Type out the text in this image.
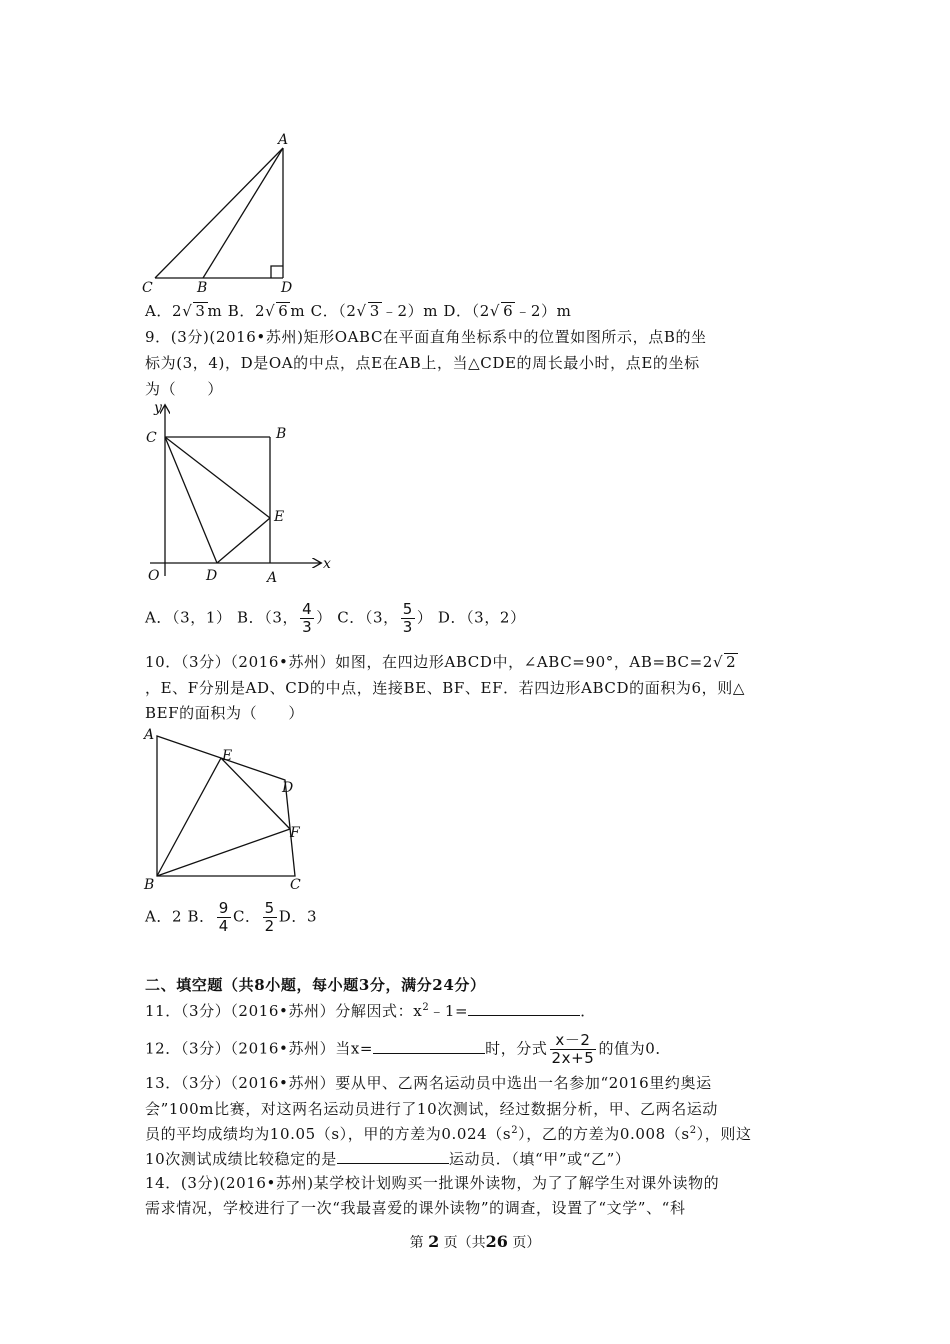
A
C	B	D
A．2√ 3 m B．2√ 6 m C．（2√ 3 ﹣2）m D．（2√ 6 ﹣2）m
9．(3分)(2016•苏州)矩形OABC在平面直角坐标系中的位置如图所示，点B的坐
标为(3，4)，D是OA的中点，点E在AB上，当△CDE的周长最小时，点E的坐标
为（　　）
y
x
O
C	B
E
D	A
A．（3，1） B．（3， $\frac{4}{3}$ ） C．（3， $\frac{5}{3}$ ） D．（3，2）
10．（3分）（2016•苏州）如图，在四边形ABCD中，∠ABC=90°，AB=BC=2√ 2
，E、F分别是AD、CD的中点，连接BE、BF、EF．若四边形ABCD的面积为6，则△
BEF的面积为（　　）
A
E
D
F
B	C
A．2 B． $\frac{9}{4}$ C． $\frac{5}{2}$ D．3
二、填空题（共8小题，每小题3分，满分24分）
11．（3分）（2016•苏州）分解因式：$x^2﹣1=$	．
12．（3分）（2016•苏州）当x=	时，分式 $\frac{x-2}{2x+5}$ 的值为0．
13．（3分）（2016•苏州）要从甲、乙两名运动员中选出一名参加“2016里约奥运
会”100m比赛，对这两名运动员进行了10次测试，经过数据分析，甲、乙两名运动
员的平均成绩均为10.05（s），甲的方差为$0.024(s^2)$，乙的方差为$0.008(s^2)$，则这
10次测试成绩比较稳定的是	运动员．（填“甲”或“乙”）
14．(3分)(2016•苏州)某学校计划购买一批课外读物，为了了解学生对课外读物的
需求情况，学校进行了一次“我最喜爱的课外读物”的调查，设置了“文学”、“科
第 2 页（共26 页）
